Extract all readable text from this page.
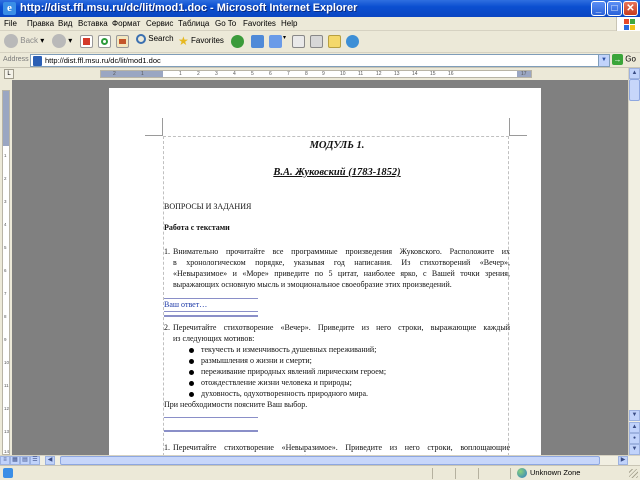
e http://dist.ffl.msu.ru/dc/lit/mod1.doc - Microsoft Internet Explorer	_	□ ✕
File Правка Вид Вставка Формат Сервис Таблица Go To Favorites Help
Back ▾	▾	Search ★ Favorites	▾
Address http://dist.ffl.msu.ru/dc/lit/mod1.doc	▼ → Go
L	2	1	1	2	3	4	5	6	7	8	9	10 11	12 13 14 15 16	17
1
2
3
4
5
6
7
8
9
10
11
12
13
14
МОДУЛЬ 1.
В.А. Жуковский (1783-1852)
ВОПРОСЫ И ЗАДАНИЯ
Работа с текстами
1. Внимательно прочитайте все программные произведения Жуковского. Расположите их
в хронологическом порядке, указывая год написания. Из стихотворений «Вечер»,
«Невыразимое» и «Море» приведите по 5 цитат, наиболее ярко, с Вашей точки зрения,
выражающих основную мысль и эмоциональное своеобразие этих произведений.
Ваш ответ…
2. Перечитайте стихотворение «Вечер». Приведите из него строки, выражающие каждый
из следующих мотивов:
текучесть и изменчивость душевных переживаний;
размышления о жизни и смерти;
переживание природных явлений лирическим героем;
отождествление жизни человека и природы;
духовность, одухотворенность природного мира.
При необходимости поясните Ваш выбор.
1. Перечитайте стихотворение «Невыразимое». Приведите из него строки, воплощающие
▲
▼
▲
●
▼
≡ ▦ ▤ ☰	◀	▶
Unknown Zone
